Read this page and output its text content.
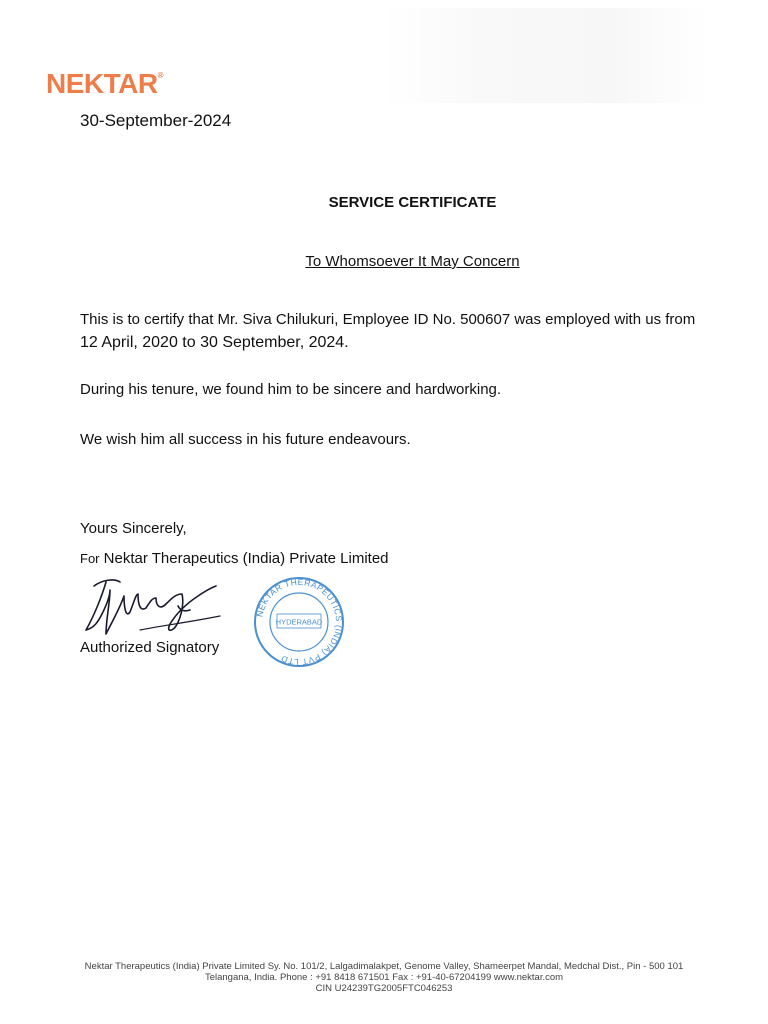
NEKTAR®
30-September-2024
SERVICE CERTIFICATE
To Whomsoever It May Concern
This is to certify that Mr. Siva Chilukuri, Employee ID No. 500607 was employed with us from
12 April, 2020 to 30 September, 2024.
During his tenure, we found him to be sincere and hardworking.
We wish him all success in his future endeavours.
Yours Sincerely,
For Nektar Therapeutics (India) Private Limited
NEKTAR THERAPEUTICS (INDIA) PVT LTD
HYDERABAD
Authorized Signatory
Nektar Therapeutics (India) Private Limited Sy. No. 101/2, Lalgadimalakpet, Genome Valley, Shameerpet Mandal, Medchal Dist., Pin - 500 101
Telangana, India. Phone : +91 8418 671501 Fax : +91-40-67204199 www.nektar.com
CIN U24239TG2005FTC046253
